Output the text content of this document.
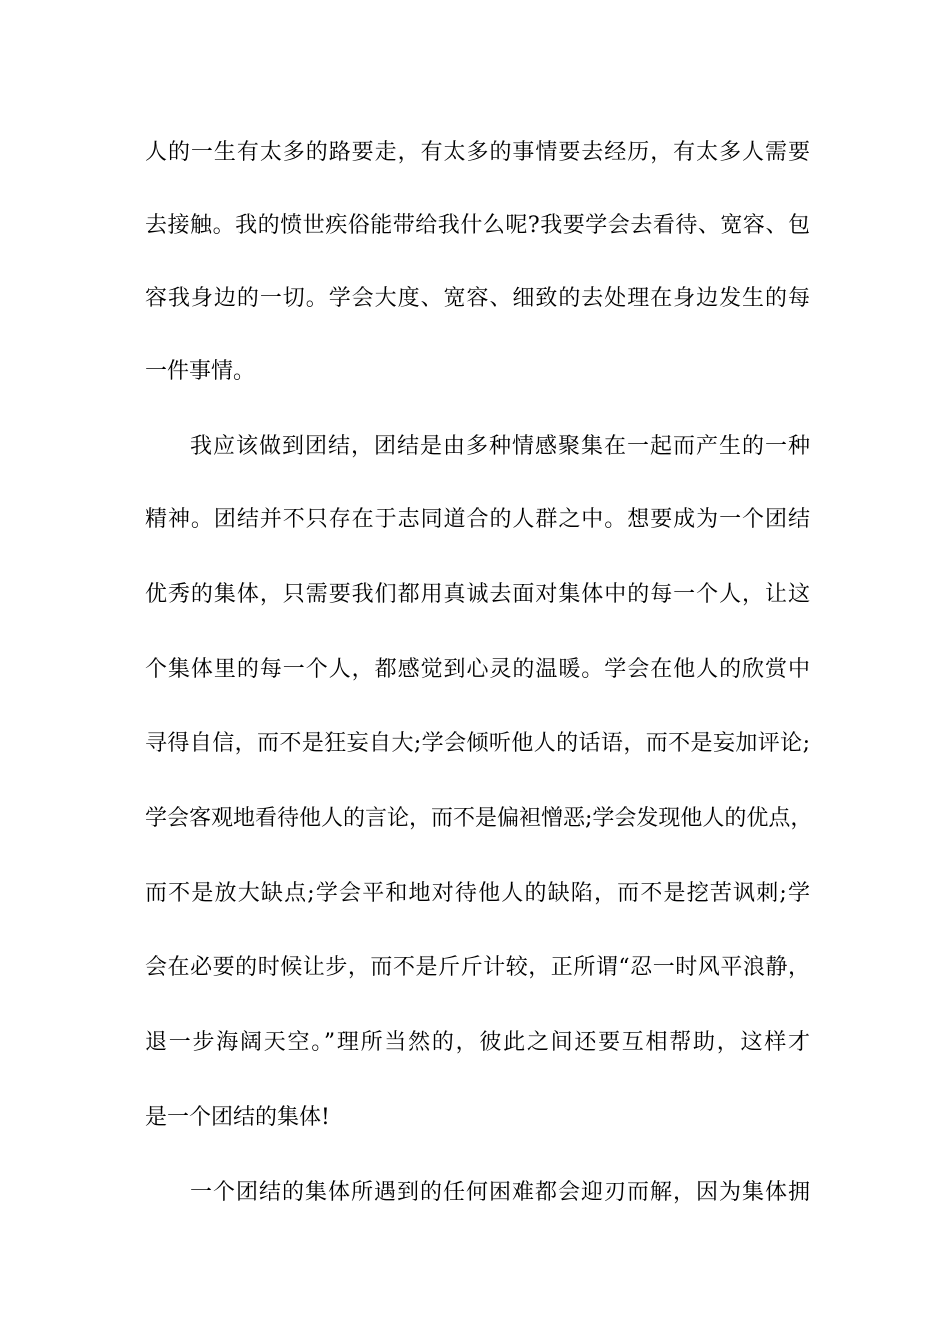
人的一生有太多的路要走，有太多的事情要去经历，有太多人需要
去接触。我的愤世疾俗能带给我什么呢?我要学会去看待、宽容、包
容我身边的一切。学会大度、宽容、细致的去处理在身边发生的每
一件事情。
我应该做到团结，团结是由多种情感聚集在一起而产生的一种
精神。团结并不只存在于志同道合的人群之中。想要成为一个团结
优秀的集体，只需要我们都用真诚去面对集体中的每一个人，让这
个集体里的每一个人，都感觉到心灵的温暖。学会在他人的欣赏中
寻得自信，而不是狂妄自大;学会倾听他人的话语，而不是妄加评论;
学会客观地看待他人的言论，而不是偏袒憎恶;学会发现他人的优点，
而不是放大缺点;学会平和地对待他人的缺陷，而不是挖苦讽刺;学
会在必要的时候让步，而不是斤斤计较，正所谓“忍一时风平浪静，
退一步海阔天空。”理所当然的，彼此之间还要互相帮助，这样才
是一个团结的集体!
一个团结的集体所遇到的任何困难都会迎刃而解，因为集体拥
